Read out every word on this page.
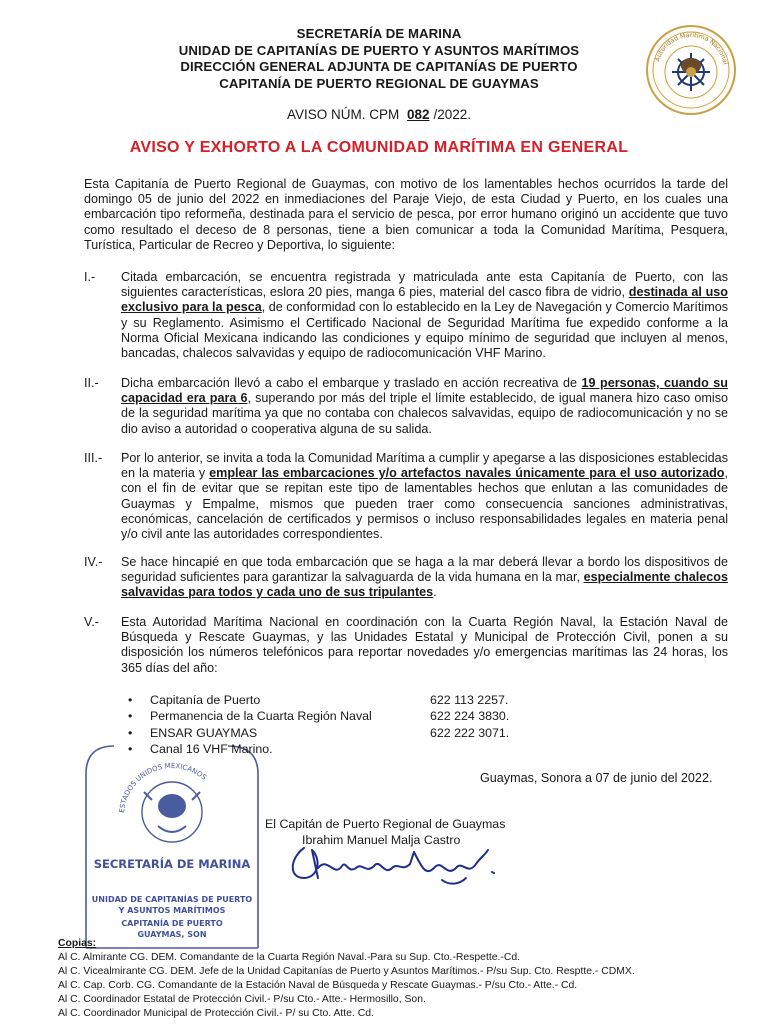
SECRETARÍA DE MARINA
UNIDAD DE CAPITANÍAS DE PUERTO Y ASUNTOS MARÍTIMOS
DIRECCIÓN GENERAL ADJUNTA DE CAPITANÍAS DE PUERTO
CAPITANÍA DE PUERTO REGIONAL DE GUAYMAS
Autoridad Marítima Nacional
AVISO NÚM. CPM 082 /2022.
AVISO Y EXHORTO A LA COMUNIDAD MARÍTIMA EN GENERAL
Esta Capitanía de Puerto Regional de Guaymas, con motivo de los lamentables hechos ocurridos la tarde del domingo 05 de junio del 2022 en inmediaciones del Paraje Viejo, de esta Ciudad y Puerto, en los cuales una embarcación tipo reformeña, destinada para el servicio de pesca, por error humano originó un accidente que tuvo como resultado el deceso de 8 personas, tiene a bien comunicar a toda la Comunidad Marítima, Pesquera, Turística, Particular de Recreo y Deportiva, lo siguiente:
I.-	Citada embarcación, se encuentra registrada y matriculada ante esta Capitanía de Puerto, con las siguientes características, eslora 20 pies, manga 6 pies, material del casco fibra de vidrio, destinada al uso exclusivo para la pesca, de conformidad con lo establecido en la Ley de Navegación y Comercio Marítimos y su Reglamento. Asimismo el Certificado Nacional de Seguridad Marítima fue expedido conforme a la Norma Oficial Mexicana indicando las condiciones y equipo mínimo de seguridad que incluyen al menos, bancadas, chalecos salvavidas y equipo de radiocomunicación VHF Marino.
II.-	Dicha embarcación llevó a cabo el embarque y traslado en acción recreativa de 19 personas, cuando su capacidad era para 6, superando por más del triple el límite establecido, de igual manera hizo caso omiso de la seguridad marítima ya que no contaba con chalecos salvavidas, equipo de radiocomunicación y no se dio aviso a autoridad o cooperativa alguna de su salida.
III.-	Por lo anterior, se invita a toda la Comunidad Marítima a cumplir y apegarse a las disposiciones establecidas en la materia y emplear las embarcaciones y/o artefactos navales únicamente para el uso autorizado, con el fin de evitar que se repitan este tipo de lamentables hechos que enlutan a las comunidades de Guaymas y Empalme, mismos que pueden traer como consecuencia sanciones administrativas, económicas, cancelación de certificados y permisos o incluso responsabilidades legales en materia penal y/o civil ante las autoridades correspondientes.
IV.-	Se hace hincapié en que toda embarcación que se haga a la mar deberá llevar a bordo los dispositivos de seguridad suficientes para garantizar la salvaguarda de la vida humana en la mar, especialmente chalecos salvavidas para todos y cada uno de sus tripulantes.
V.-	Esta Autoridad Marítima Nacional en coordinación con la Cuarta Región Naval, la Estación Naval de Búsqueda y Rescate Guaymas, y las Unidades Estatal y Municipal de Protección Civil, ponen a su disposición los números telefónicos para reportar novedades y/o emergencias marítimas las 24 horas, los 365 días del año:
ESTADOS UNIDOS MEXICANOS
SECRETARÍA DE MARINA
UNIDAD DE CAPITANÍAS DE PUERTO
Y ASUNTOS MARÍTIMOS
CAPITANÍA DE PUERTO
GUAYMAS, SON
• Capitanía de Puerto	622 113 2257.
• Permanencia de la Cuarta Región Naval	622 224 3830.
• ENSAR GUAYMAS	622 222 3071.
• Canal 16 VHF Marino.
Guaymas, Sonora a 07 de junio del 2022.
El Capitán de Puerto Regional de Guaymas
Ibrahim Manuel Malja Castro
Copias:
Al C. Almirante CG. DEM. Comandante de la Cuarta Región Naval.-Para su Sup. Cto.-Respette.-Cd.
Al C. Vicealmirante CG. DEM. Jefe de la Unidad Capitanías de Puerto y Asuntos Marítimos.- P/su Sup. Cto. Resptte.- CDMX.
Al C. Cap. Corb. CG. Comandante de la Estación Naval de Búsqueda y Rescate Guaymas.- P/su Cto.- Atte.- Cd.
Al C. Coordinador Estatal de Protección Civil.- P/su Cto.- Atte.- Hermosillo, Son.
Al C. Coordinador Municipal de Protección Civil.- P/ su Cto. Atte. Cd.
